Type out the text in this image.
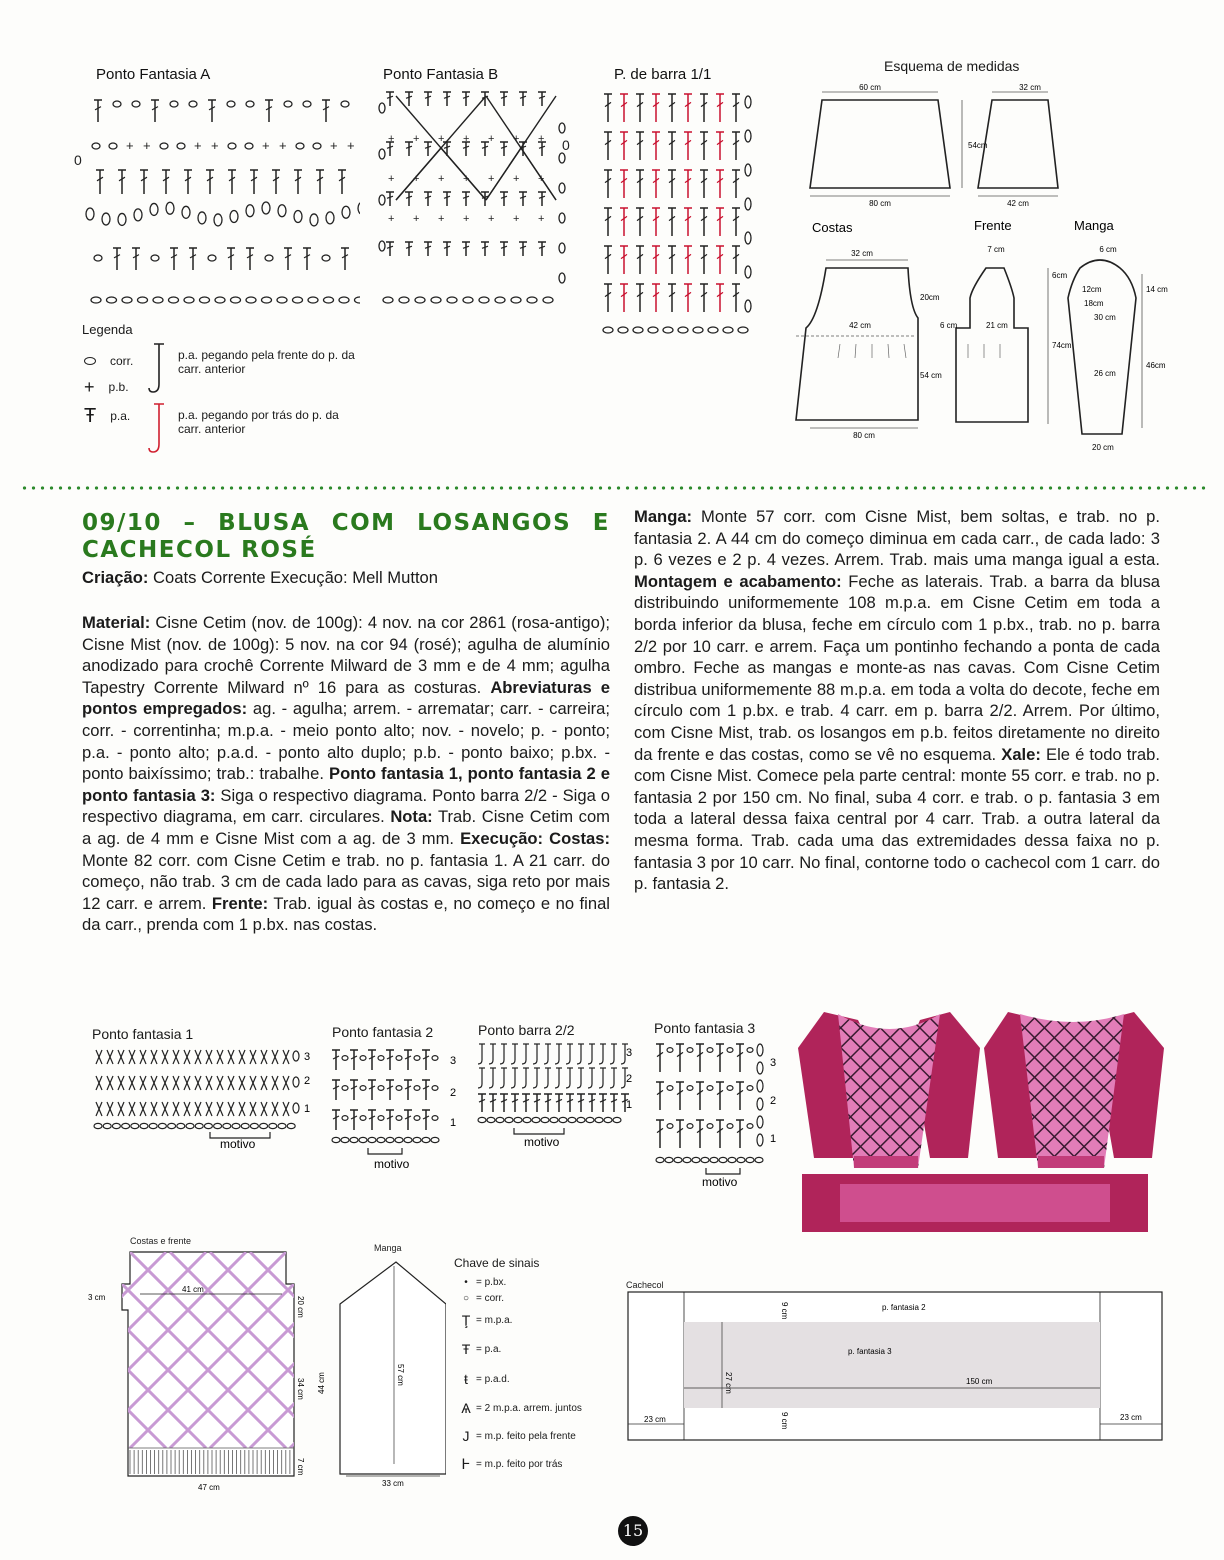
Ponto Fantasia A
0
+ +	+ +	+ +	+ +
Ponto Fantasia B
+ + + + + + +
+ + + + + + +
+ + + + + + +
0
P. de barra 1/1
Legenda
corr.
+ p.b.
Ŧ p.a.
p.a. pegando pela frente do p. da carr. anterior
p.a. pegando por trás do p. da carr. anterior
Esquema de medidas
60 cm
80 cm
54cm
32 cm
42 cm
Costas	Frente	Manga
32 cm
20cm
42 cm
54 cm
80 cm
7 cm
6 cm	21 cm
74cm
6cm
6 cm
12cm
18cm
30 cm
14 cm
26 cm
46cm
20 cm
09/10 – BLUSA COM LOSANGOS E
CACHECOL ROSÉ
Criação: Coats Corrente Execução: Mell Mutton
Material: Cisne Cetim (nov. de 100g): 4 nov. na cor 2861 (rosa-antigo); Cisne Mist (nov. de 100g): 5 nov. na cor 94 (rosé); agulha de alumínio anodizado para crochê Corrente Milward de 3 mm e de 4 mm; agulha Tapestry Corrente Milward nº 16 para as costuras. Abreviaturas e pontos empregados: ag. - agulha; arrem. - arrematar; carr. - carreira; corr. - correntinha; m.p.a. - meio ponto alto; nov. - novelo; p. - ponto; p.a. - ponto alto; p.a.d. - ponto alto duplo; p.b. - ponto baixo; p.bx. - ponto baixíssimo; trab.: trabalhe. Ponto fantasia 1, ponto fantasia 2 e ponto fantasia 3: Siga o respectivo diagrama. Ponto barra 2/2 - Siga o respectivo diagrama, em carr. circulares. Nota: Trab. Cisne Cetim com a ag. de 4 mm e Cisne Mist com a ag. de 3 mm. Execução: Costas: Monte 82 corr. com Cisne Cetim e trab. no p. fantasia 1. A 21 carr. do começo, não trab. 3 cm de cada lado para as cavas, siga reto por mais 12 carr. e arrem. Frente: Trab. igual às costas e, no começo e no final da carr., prenda com 1 p.bx. nas costas.
Manga: Monte 57 corr. com Cisne Mist, bem soltas, e trab. no p. fantasia 2. A 44 cm do começo diminua em cada carr., de cada lado: 3 p. 6 vezes e 2 p. 4 vezes. Arrem. Trab. mais uma manga igual a esta. Montagem e acabamento: Feche as laterais. Trab. a barra da blusa distribuindo uniformemente 108 m.p.a. em Cisne Cetim em toda a borda inferior da blusa, feche em círculo com 1 p.bx., trab. no p. barra 2/2 por 10 carr. e arrem. Faça um pontinho fechando a ponta de cada ombro. Feche as mangas e monte-as nas cavas. Com Cisne Cetim distribua uniformemente 88 m.p.a. em toda a volta do decote, feche em círculo com 1 p.bx. e trab. 4 carr. em p. barra 2/2. Arrem. Por último, com Cisne Mist, trab. os losangos em p.b. feitos diretamente no direito da frente e das costas, como se vê no esquema. Xale: Ele é todo trab. com Cisne Mist. Comece pela parte central: monte 55 corr. e trab. no p. fantasia 2 por 150 cm. No final, suba 4 corr. e trab. o p. fantasia 3 em toda a lateral dessa faixa central por 4 carr. Trab. a outra lateral da mesma forma. Trab. cada uma das extremidades dessa faixa no p. fantasia 3 por 10 carr. No final, contorne todo o cachecol com 1 carr. do p. fantasia 2.
Ponto fantasia 1
3
2
1
motivo
Ponto fantasia 2
3
2
1
motivo
Ponto barra 2/2
3
2
1
motivo
Ponto fantasia 3
3
2
1
motivo
Costas e frente
41 cm
3 cm	20 cm
34 cm
7 cm
47 cm
Manga
57 cm
44 cm
33 cm
Chave de sinais
• = p.bx.
○ = corr.
Ţ = m.p.a.
Ŧ = p.a.
ŧ = p.a.d.
Ѧ = 2 m.p.a. arrem. juntos
J = m.p. feito pela frente
Ͱ = m.p. feito por trás
Cachecol
p. fantasia 2
p. fantasia 3
27 cm	150 cm
9 cm
9 cm
23 cm	23 cm
15
